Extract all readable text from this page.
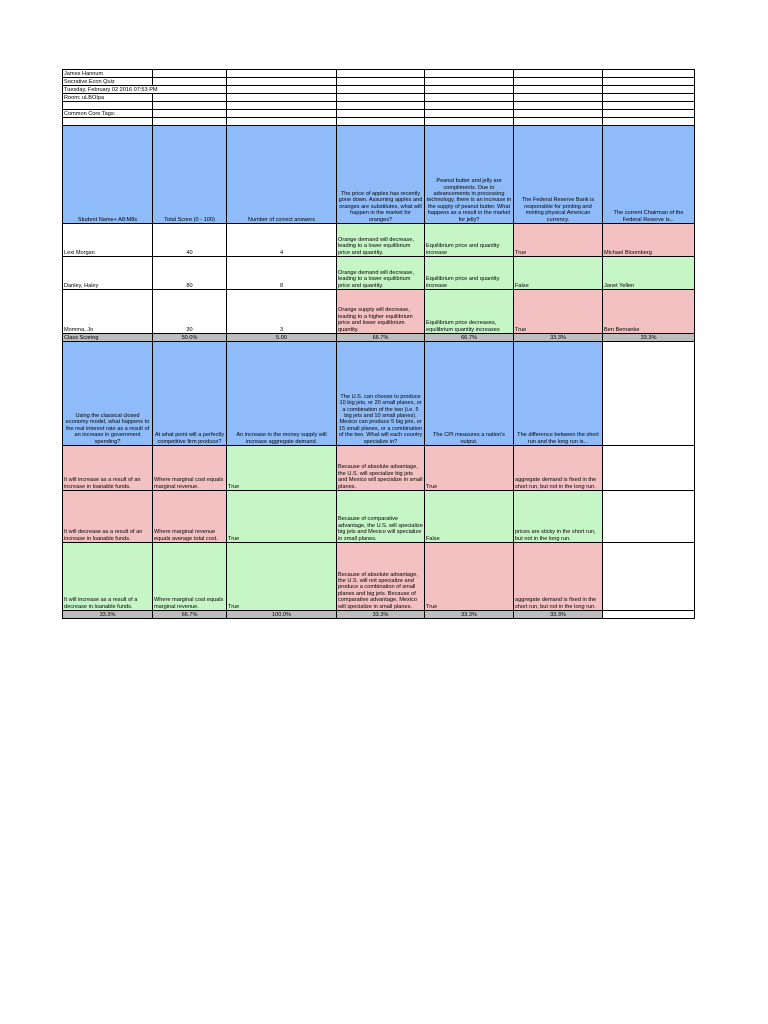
James Hannum						
Socrative Econ Quiz						
Tuesday, February 02 2016 07:53 PM						
Room: uLBOIpa						

Common Core Tags:						

Student Name+ A8:M8s	Total Score (0 - 100)	Number of correct answers	The price of apples has recently gone down. Assuming apples and oranges are substitutes, what will happen in the market for oranges?	Peanut butter and jelly are compliments. Due to advancements in processing technology, there is an increase in the supply of peanut butter. What happens as a result in the market for jelly?	The Federal Reserve Bank is responsible for printing and minting physical American currency.	The current Chairman of the Federal Reserve is...
Lexi Morgan	40	4	Orange demand will decrease, leading to a lower equilibrium price and quantity.	Equilibrium price and quantity increase	True	Michael Bloomberg
Danley, Haley	80	8	Orange demand will decrease, leading to a lower equilibrium price and quantity.	Equilibrium price and quantity increase	False	Janet Yellen
Momma, Jo	30	3	Orange supply will decrease, leading to a higher equilibrium price and lower equilibrium quantity.	Equilibrium price decreases, equilibrium quantity increases	True	Ben Bernanke
Class Scoring	50.0%	5.00	66.7%	66.7%	33.3%	33.3%
Using the classical closed economy model, what happens to the real interest rate as a result of an increase in government spending?	At what point will a perfectly competitive firm produce?	An increase in the money supply will increase aggregate demand.	The U.S. can choose to produce 10 big jets, or 20 small planes, or a combination of the two (i.e. 5 big jets and 10 small planes). Mexico can produce 5 big jets, or 15 small planes, or a combination of the two. What will each country specialize in?	The CPI measures a nation's output.	The difference between the short run and the long run is...	
It will increase as a result of an increase in loanable funds.	Where marginal cost equals marginal revenue.	True	Because of absolute advantage, the U.S. will specialize big jets and Mexico will specialize in small planes.	True	aggregate demand is fixed in the short run, but not in the long run.	
It will decrease as a result of an increase in loanable funds.	Where marginal revenue equals average total cost.	True	Because of comparative advantage, the U.S. will specialize big jets and Mexico will specialize in small planes.	False	prices are sticky in the short run, but not in the long run.	
It will increase as a result of a decrease in loanable funds.	Where marginal cost equals marginal revenue.	True	Because of absolute advantage, the U.S. will not specialize and produce a combination of small planes and big jets. Because of comparative advantage, Mexico will specialize in small planes.	True	aggregate demand is fixed in the short run, but not in the long run.	
33.3%	66.7%	100.0%	33.3%	33.3%	33.3%	
